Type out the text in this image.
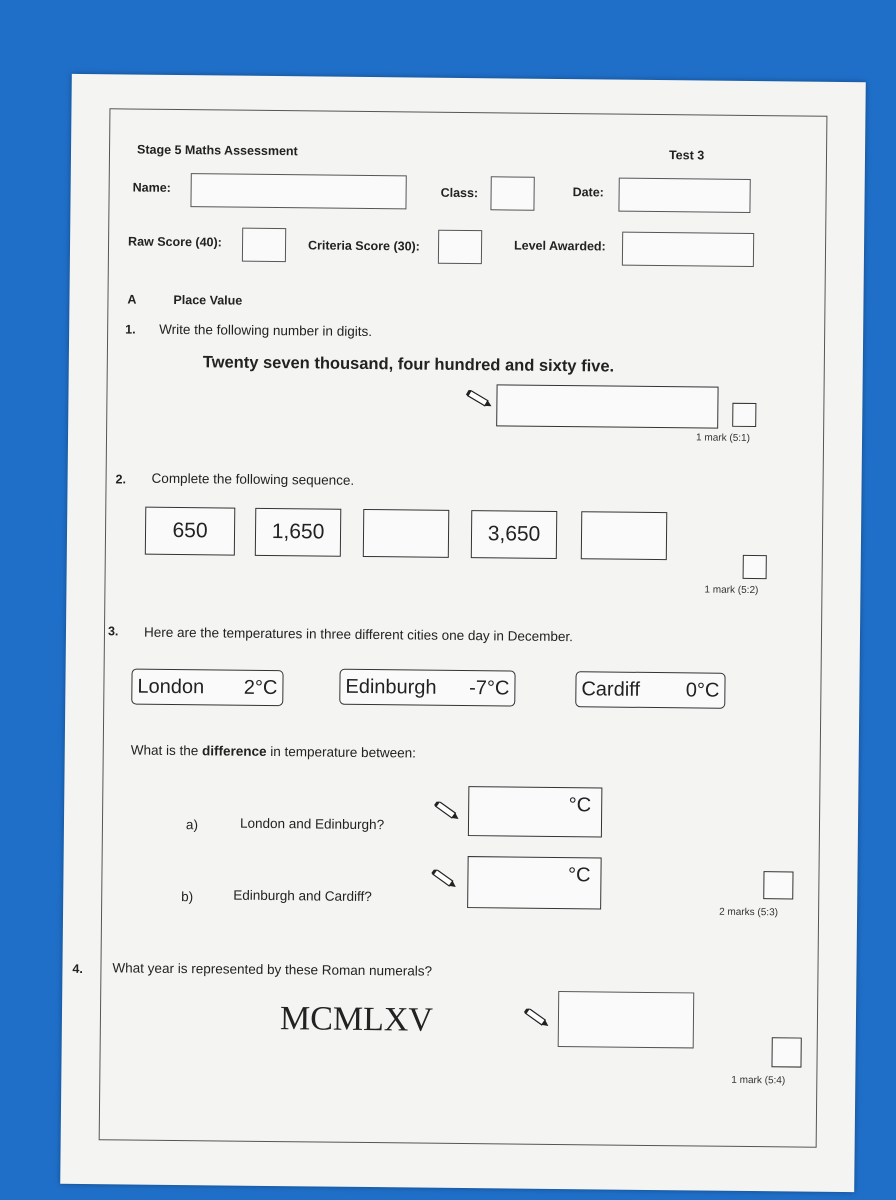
Stage 5 Maths Assessment	Test 3
Name:	Class:	Date:
Raw Score (40):	Criteria Score (30):	Level Awarded:
A	Place Value
1. Write the following number in digits.
Twenty seven thousand, four hundred and sixty five.
1 mark (5:1)
2. Complete the following sequence.
650	1,650	3,650
1 mark (5:2)
3. Here are the temperatures in three different cities one day in December.
London 2°C	Edinburgh -7°C	Cardiff 0°C
What is the difference in temperature between:
a)	London and Edinburgh?
°C
b)	Edinburgh and Cardiff?
°C
2 marks (5:3)
4. What year is represented by these Roman numerals?
MCMLXV
1 mark (5:4)
